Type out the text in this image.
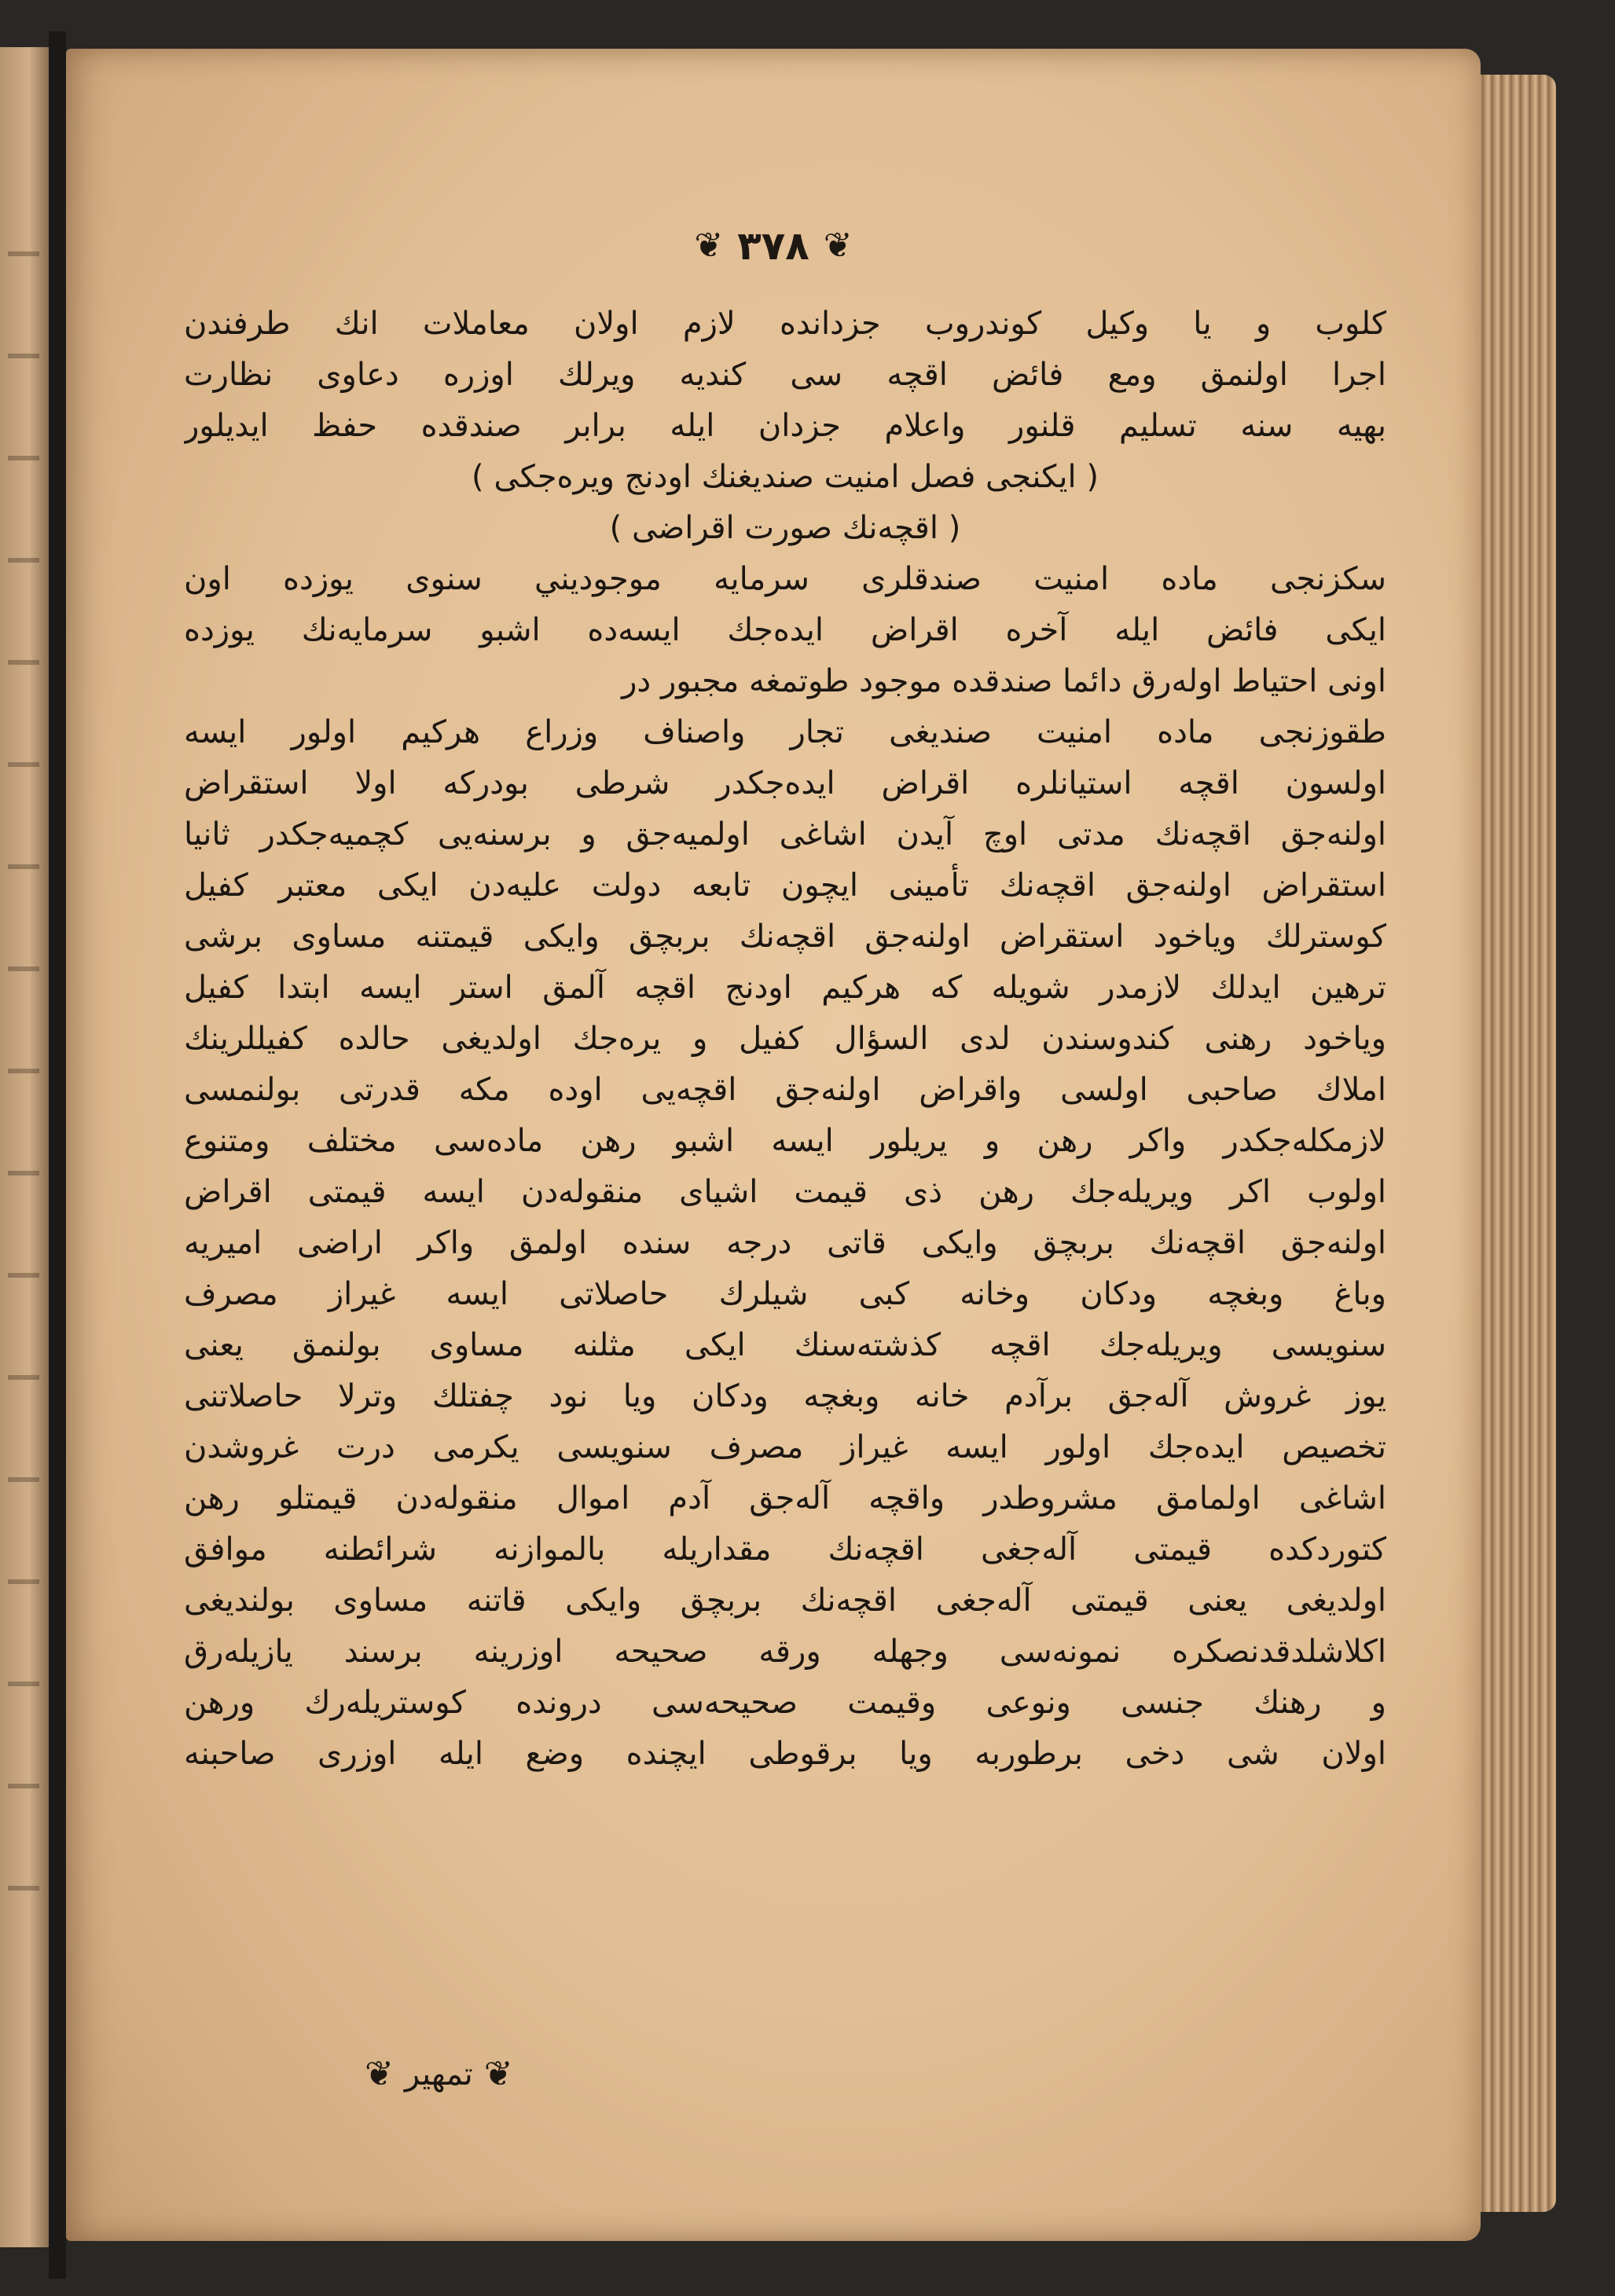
❦ ٣٧٨ ❦
كلوب و يا وكيل كوندروب جزدانده لازم اولان معاملات انك طرفندن
اجرا اولنمق ومع فائض اقچه سی كنديه ويرلك اوزره دعاوى نظارت
بهيه سنه تسليم قلنور واعلام جزدان ايله برابر صندقده حفظ ايديلور
( ايكنجى فصل امنيت صنديغنك اودنج ويرەجكى )
( اقچەنك صورت اقراضى )
سكزنجى ماده امنيت صندقلرى سرمايه موجوديني سنوى يوزده اون
ايكى فائض ايله آخره اقراض ايدەجك ايسەده اشبو سرمايەنك يوزده
اونى احتياط اولەرق دائما صندقده موجود طوتمغه مجبور در
طقوزنجى ماده امنيت صنديغى تجار واصناف وزراع هركيم اولور ايسه
اولسون اقچه استيانلره اقراض ايدەجكدر شرطى بودركه اولا استقراض
اولنەجق اقچەنك مدتى اوچ آيدن اشاغى اولميەجق و برسنەيى كچميەجكدر ثانيا
استقراض اولنەجق اقچەنك تأمينى ايچون تابعه دولت عليەدن ايكى معتبر كفيل
كوسترلك وياخود استقراض اولنەجق اقچەنك بربچق وايكى قيمتنه مساوى برشى
ترهين ايدلك لازمدر شويله كه هركيم اودنج اقچه آلمق استر ايسه ابتدا كفيل
وياخود رهنى كندوسندن لدى السؤال كفيل و يرەجك اولديغى حالده كفيللرينك
املاك صاحبى اولسى واقراض اولنەجق اقچەيى اوده مكه قدرتى بولنمسى
لازمكلەجكدر واكر رهن و يريلور ايسه اشبو رهن مادەسى مختلف ومتنوع
اولوب اكر ويريلەجك رهن ذى قيمت اشياى منقولەدن ايسه قيمتى اقراض
اولنەجق اقچەنك بربچق وايكى قاتى درجه سنده اولمق واكر اراضى اميريه
وباغ وبغچه ودكان وخانه كبى شيلرك حاصلاتى ايسه غيراز مصرف
سنويسى ويريلەجك اقچه كذشتەسنك ايكى مثلنه مساوى بولنمق يعنى
يوز غروش آلەجق برآدم خانه وبغچه ودكان ويا نود چفتلك وترلا حاصلاتنى
تخصيص ايدەجك اولور ايسه غيراز مصرف سنويسى يكرمى درت غروشدن
اشاغى اولمامق مشروطدر واقچه آلەجق آدم اموال منقولەدن قيمتلو رهن
كتوردكده قيمتى آلەجغى اقچەنك مقداريله بالموازنه شرائطنه موافق
اولديغى يعنى قيمتى آلەجغى اقچەنك بربچق وايكى قاتنه مساوى بولنديغى
اكلاشلدقدنصكره نمونەسى وجهله ورقه صحيحه اوزرينه برسند يازيلەرق
و رهنك جنسى ونوعى وقيمت صحيحەسى درونده كوستريلەرك ورهن
اولان شى دخى برطوربه ويا برقوطى ايچنده وضع ايله اوزرى صاحبنه
❦
تمهير
❦
